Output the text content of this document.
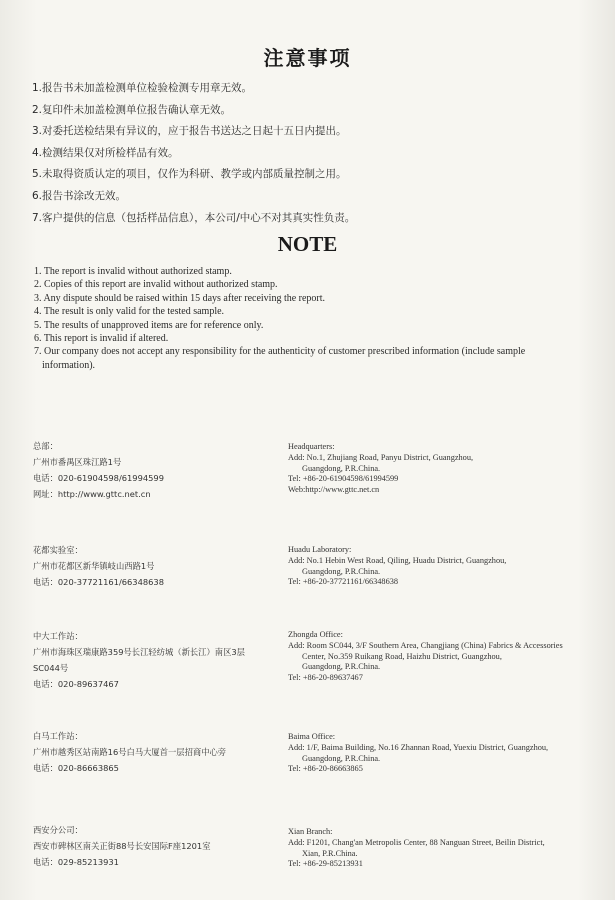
注意事项
1.报告书未加盖检测单位检验检测专用章无效。
2.复印件未加盖检测单位报告确认章无效。
3.对委托送检结果有异议的，应于报告书送达之日起十五日内提出。
4.检测结果仅对所检样品有效。
5.未取得资质认定的项目，仅作为科研、教学或内部质量控制之用。
6.报告书涂改无效。
7.客户提供的信息（包括样品信息），本公司/中心不对其真实性负责。
NOTE
1. The report is invalid without authorized stamp.
2. Copies of this report are invalid without authorized stamp.
3. Any dispute should be raised within 15 days after receiving the report.
4. The result is only valid for the tested sample.
5. The results of unapproved items are for reference only.
6. This report is invalid if altered.
7. Our company does not accept any responsibility for the authenticity of customer prescribed information (include sample information).
总部：
广州市番禺区珠江路1号
电话：020-61904598/61994599
网址：http://www.gttc.net.cn
Headquarters:
Add: No.1, Zhujiang Road, Panyu District, Guangzhou,
Guangdong, P.R.China.
Tel: +86-20-61904598/61994599
Web:http://www.gttc.net.cn
花都实验室：
广州市花都区新华镇岐山西路1号
电话：020-37721161/66348638
Huadu Laboratory:
Add: No.1 Hebin West Road, Qiling, Huadu District, Guangzhou,
Guangdong, P.R.China.
Tel: +86-20-37721161/66348638
中大工作站：
广州市海珠区瑞康路359号长江轻纺城（新长江）南区3层
SC044号
电话：020-89637467
Zhongda Office:
Add: Room SC044, 3/F Southern Area, Changjiang (China) Fabrics & Accessories
Center, No.359 Ruikang Road, Haizhu District, Guangzhou,
Guangdong, P.R.China.
Tel: +86-20-89637467
白马工作站：
广州市越秀区站南路16号白马大厦首一层招商中心旁
电话：020-86663865
Baima Office:
Add: 1/F, Baima Building, No.16 Zhannan Road, Yuexiu District, Guangzhou,
Guangdong, P.R.China.
Tel: +86-20-86663865
西安分公司：
西安市碑林区南关正街88号长安国际F座1201室
电话：029-85213931
Xian Branch:
Add: F1201, Chang'an Metropolis Center, 88 Nanguan Street, Beilin District,
Xian, P.R.China.
Tel: +86-29-85213931
